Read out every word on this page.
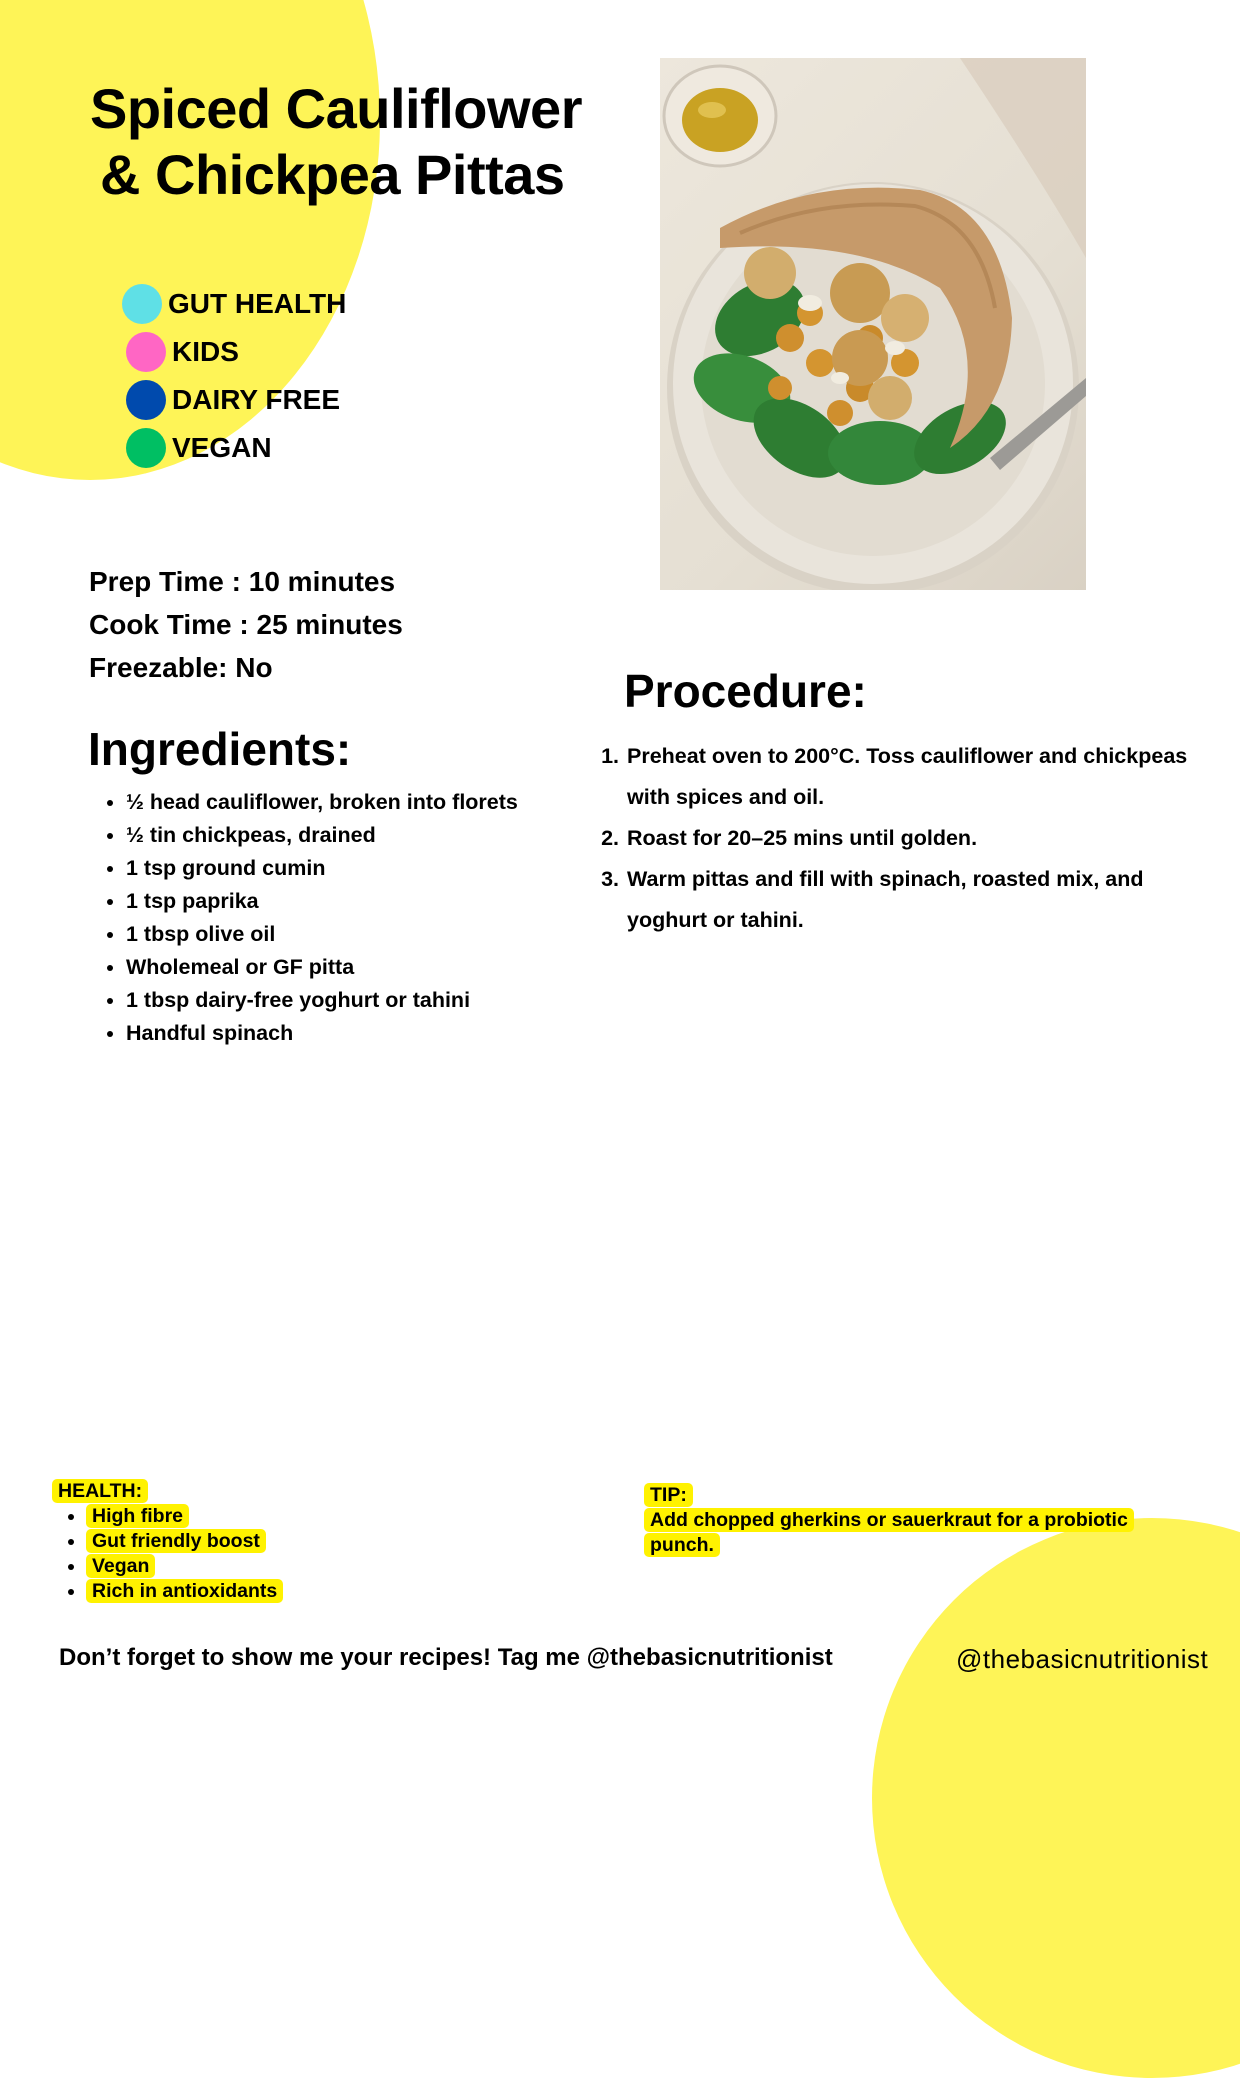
Spiced Cauliflower
& Chickpea Pittas
GUT HEALTH
KIDS
DAIRY FREE
VEGAN
Prep Time : 10 minutes
Cook Time : 25 minutes
Freezable: No
Ingredients:
• ½ head cauliflower, broken into florets
• ½ tin chickpeas, drained
• 1 tsp ground cumin
• 1 tsp paprika
• 1 tbsp olive oil
• Wholemeal or GF pitta
• 1 tbsp dairy-free yoghurt or tahini
• Handful spinach
Procedure:
1. Preheat oven to 200°C. Toss cauliflower and chickpeas with spices and oil.
2. Roast for 20–25 mins until golden.
3. Warm pittas and fill with spinach, roasted mix, and yoghurt or tahini.
HEALTH:
• High fibre
• Gut friendly boost
• Vegan
• Rich in antioxidants
TIP:
Add chopped gherkins or sauerkraut for a probiotic punch.
Don’t forget to show me your recipes! Tag me @thebasicnutritionist	@thebasicnutritionist
